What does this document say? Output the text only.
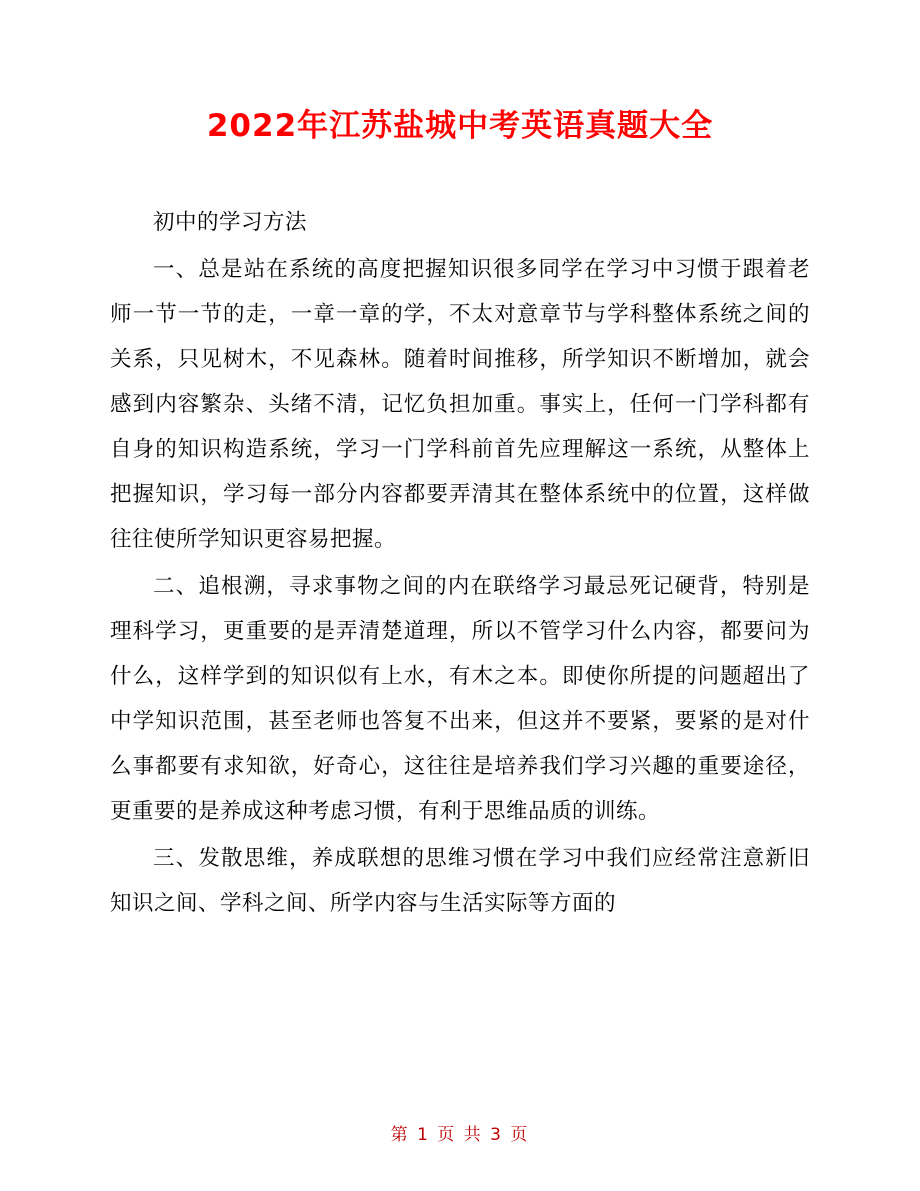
2022年江苏盐城中考英语真题大全

初中的学习方法

一、总是站在系统的高度把握知识很多同学在学习中习惯于跟着老师一节一节的走，一章一章的学，不太对意章节与学科整体系统之间的关系，只见树木，不见森林。随着时间推移，所学知识不断增加，就会感到内容繁杂、头绪不清，记忆负担加重。事实上，任何一门学科都有自身的知识构造系统，学习一门学科前首先应理解这一系统，从整体上把握知识，学习每一部分内容都要弄清其在整体系统中的位置，这样做往往使所学知识更容易把握。

二、追根溯，寻求事物之间的内在联络学习最忌死记硬背，特别是理科学习，更重要的是弄清楚道理，所以不管学习什么内容，都要问为什么，这样学到的知识似有上水，有木之本。即使你所提的问题超出了中学知识范围，甚至老师也答复不出来，但这并不要紧，要紧的是对什么事都要有求知欲，好奇心，这往往是培养我们学习兴趣的重要途径，更重要的是养成这种考虑习惯，有利于思维品质的训练。

三、发散思维，养成联想的思维习惯在学习中我们应经常注意新旧知识之间、学科之间、所学内容与生活实际等方面的

第 1 页 共 3 页
